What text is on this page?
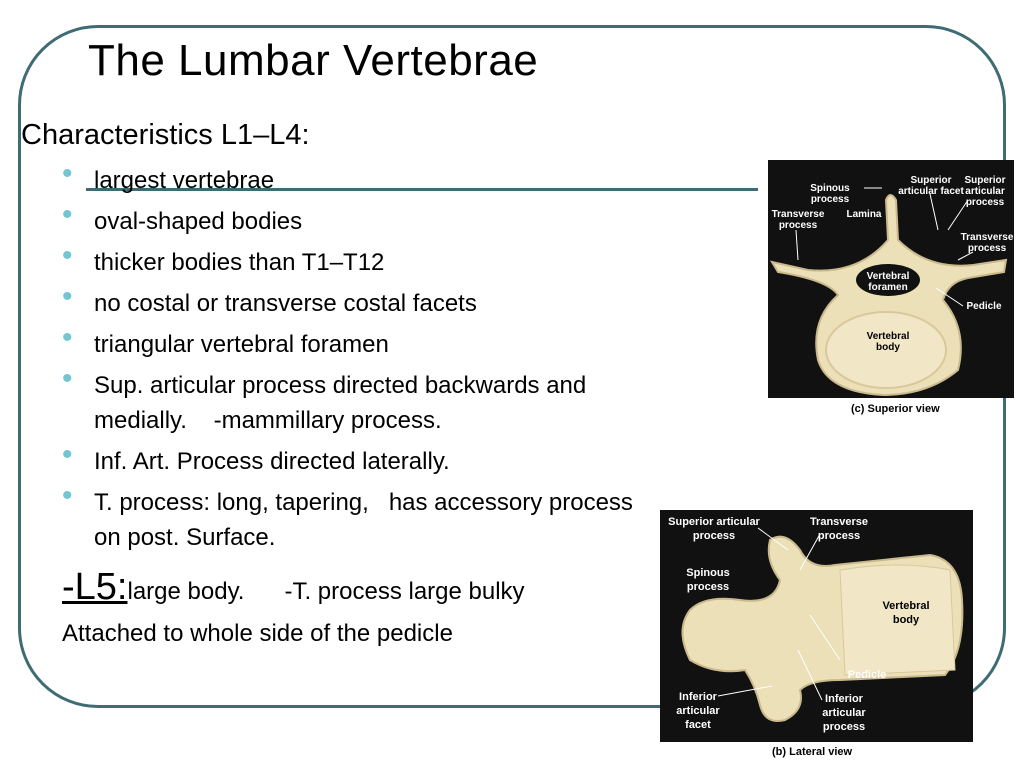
The Lumbar Vertebrae
Characteristics L1–L4:
• largest vertebrae
• oval-shaped bodies
• thicker bodies than T1–T12
• no costal or transverse costal facets
• triangular vertebral foramen
• Sup. articular process directed backwards and medially.    -mammillary process.
• Inf. Art. Process directed laterally.
• T. process: long, tapering,   has accessory process on post. Surface.
-L5:large body.      -T. process large bulky
Attached to whole side of the pedicle
Spinous process
Superior articular facet
Superior articular process
Transverse process
Lamina
Transverse process
Vertebral foramen
Pedicle
Vertebral body
(c) Superior view
Superior articular process
Transverse process
Spinous process
Vertebral body
Pedicle
Inferior articular facet
Inferior articular process
(b) Lateral view
